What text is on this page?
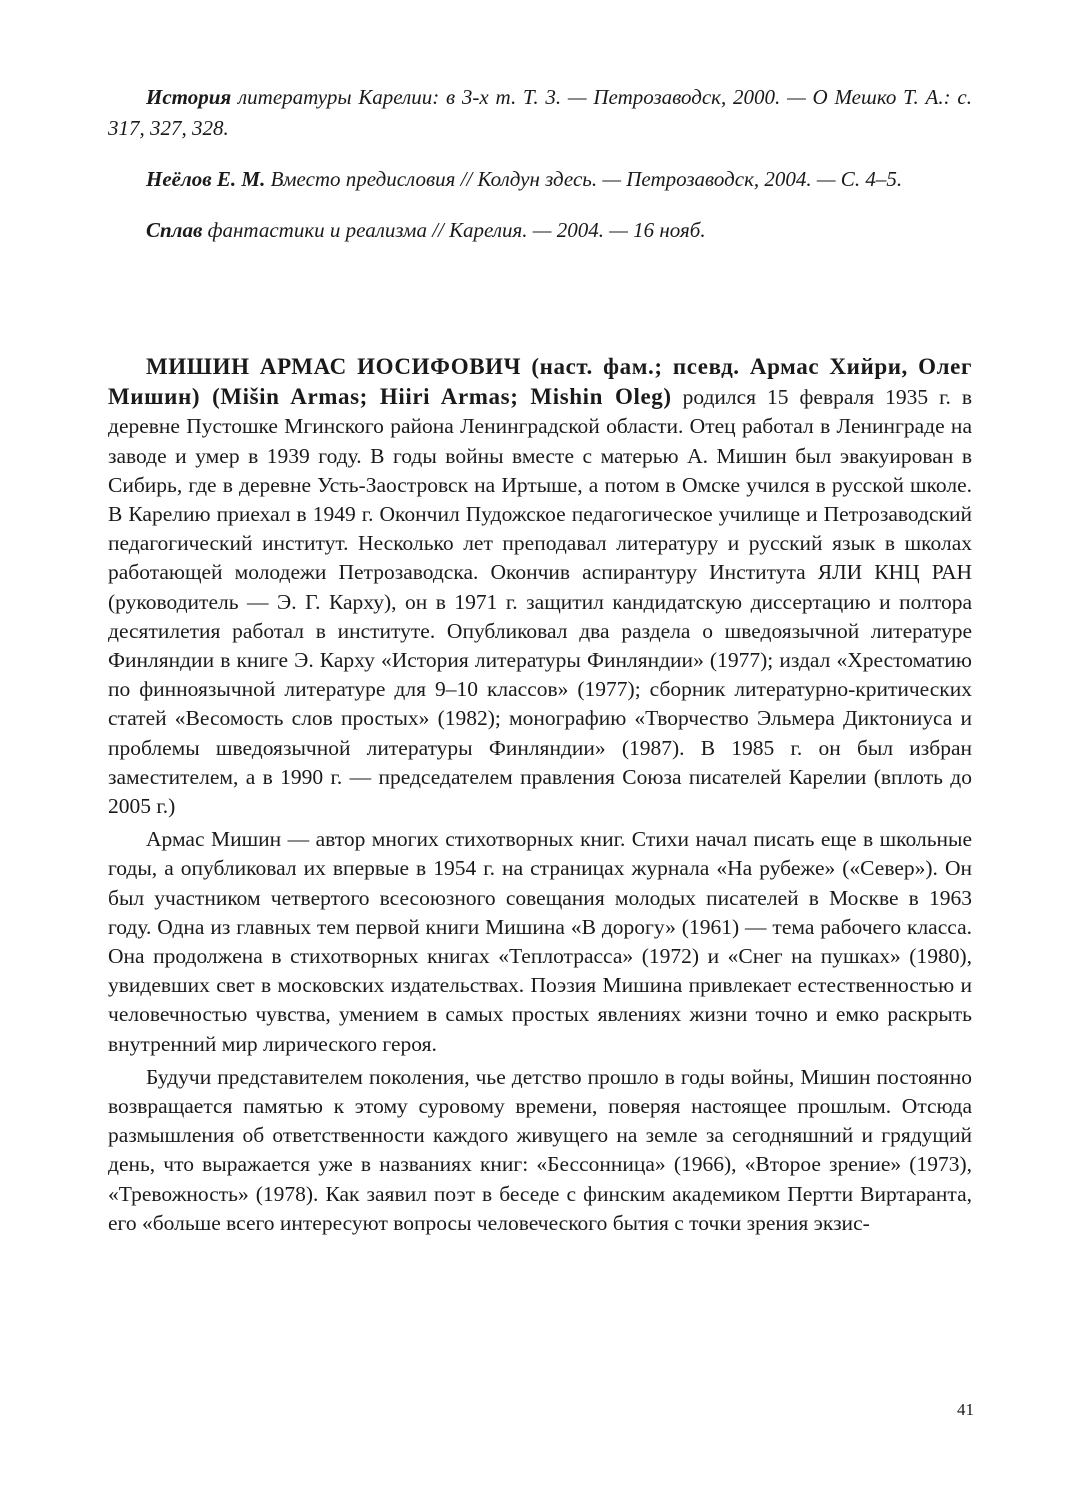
История литературы Карелии: в 3-х т. Т. 3. — Петрозаводск, 2000. — О Мешко Т. А.: с. 317, 327, 328.

Неёлов Е. М. Вместо предисловия // Колдун здесь. — Петрозаводск, 2004. — С. 4–5.

Сплав фантастики и реализма // Карелия. — 2004. — 16 нояб.

МИШИН АРМАС ИОСИФОВИЧ (наст. фам.; псевд. Армас Хийри, Олег Мишин) (Mišin Armas; Hiiri Armas; Mishin Oleg) родился 15 февраля 1935 г. в деревне Пустошке Мгинского района Ленинградской области. Отец работал в Ленинграде на заводе и умер в 1939 году. В годы войны вместе с матерью А. Мишин был эвакуирован в Сибирь, где в деревне Усть-Заостровск на Иртыше, а потом в Омске учился в русской школе. В Карелию приехал в 1949 г. Окончил Пудожское педагогическое училище и Петрозаводский педагогический институт. Несколько лет преподавал литературу и русский язык в школах работающей молодежи Петрозаводска. Окончив аспирантуру Института ЯЛИ КНЦ РАН (руководитель — Э. Г. Карху), он в 1971 г. защитил кандидатскую диссертацию и полтора десятилетия работал в институте. Опубликовал два раздела о шведоязычной литературе Финляндии в книге Э. Карху «История литературы Финляндии» (1977); издал «Хрестоматию по финноязычной литературе для 9–10 классов» (1977); сборник литературно-критических статей «Весомость слов простых» (1982); монографию «Творчество Эльмера Диктониуса и проблемы шведоязычной литературы Финляндии» (1987). В 1985 г. он был избран заместителем, а в 1990 г. — председателем правления Союза писателей Карелии (вплоть до 2005 г.)

Армас Мишин — автор многих стихотворных книг. Стихи начал писать еще в школьные годы, а опубликовал их впервые в 1954 г. на страницах журнала «На рубеже» («Север»). Он был участником четвертого всесоюзного совещания молодых писателей в Москве в 1963 году. Одна из главных тем первой книги Мишина «В дорогу» (1961) — тема рабочего класса. Она продолжена в стихотворных книгах «Теплотрасса» (1972) и «Снег на пушках» (1980), увидевших свет в московских издательствах. Поэзия Мишина привлекает естественностью и человечностью чувства, умением в самых простых явлениях жизни точно и емко раскрыть внутренний мир лирического героя.

Будучи представителем поколения, чье детство прошло в годы войны, Мишин постоянно возвращается памятью к этому суровому времени, поверяя настоящее прошлым. Отсюда размышления об ответственности каждого живущего на земле за сегодняшний и грядущий день, что выражается уже в названиях книг: «Бессонница» (1966), «Второе зрение» (1973), «Тревожность» (1978). Как заявил поэт в беседе с финским академиком Пертти Виртаранта, его «больше всего интересуют вопросы человеческого бытия с точки зрения экзис-

41
